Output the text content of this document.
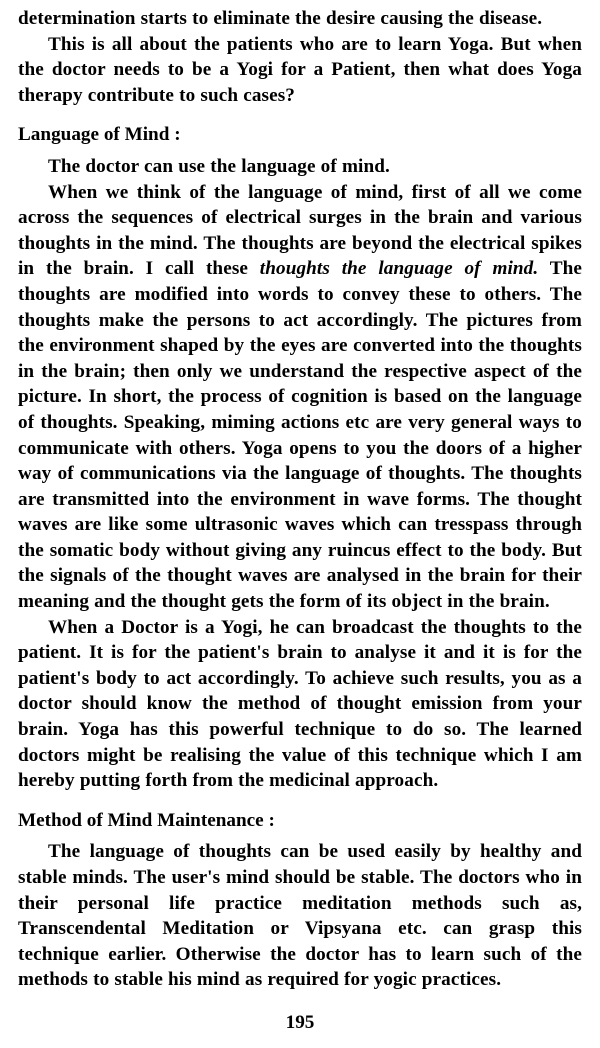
determination starts to eliminate the desire causing the disease.

This is all about the patients who are to learn Yoga. But when the doctor needs to be a Yogi for a Patient, then what does Yoga therapy contribute to such cases?

Language of Mind :

The doctor can use the language of mind.

When we think of the language of mind, first of all we come across the sequences of electrical surges in the brain and various thoughts in the mind. The thoughts are beyond the electrical spikes in the brain. I call these thoughts the language of mind. The thoughts are modified into words to convey these to others. The thoughts make the persons to act accordingly. The pictures from the environment shaped by the eyes are converted into the thoughts in the brain; then only we understand the respective aspect of the picture. In short, the process of cognition is based on the language of thoughts. Speaking, miming actions etc are very general ways to communicate with others. Yoga opens to you the doors of a higher way of communications via the language of thoughts. The thoughts are transmitted into the environment in wave forms. The thought waves are like some ultrasonic waves which can tresspass through the somatic body without giving any ruincus effect to the body. But the signals of the thought waves are analysed in the brain for their meaning and the thought gets the form of its object in the brain.

When a Doctor is a Yogi, he can broadcast the thoughts to the patient. It is for the patient's brain to analyse it and it is for the patient's body to act accordingly. To achieve such results, you as a doctor should know the method of thought emission from your brain. Yoga has this powerful technique to do so. The learned doctors might be realising the value of this technique which I am hereby putting forth from the medicinal approach.

Method of Mind Maintenance :

The language of thoughts can be used easily by healthy and stable minds. The user's mind should be stable. The doctors who in their personal life practice meditation methods such as, Transcendental Meditation or Vipsyana etc. can grasp this technique earlier. Otherwise the doctor has to learn such of the methods to stable his mind as required for yogic practices.

195
